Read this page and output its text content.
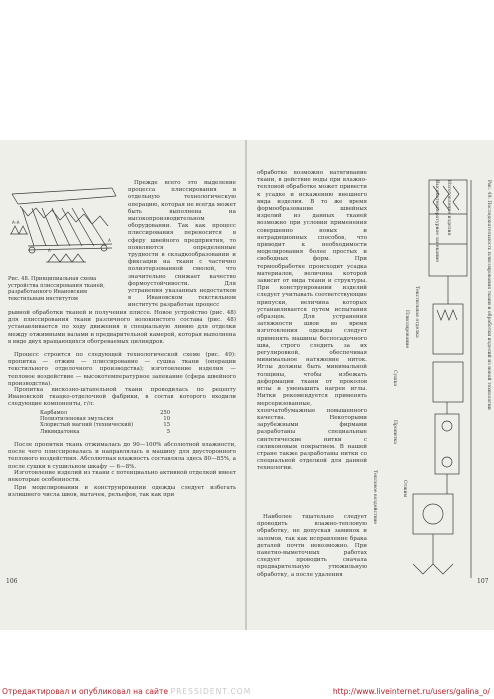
А–А
А
А
Рис. 48. Принципиальная схема устройства плиссирования тканей, разработанного Ивановским текстильным институтом
Прежде всего это выделение процесса плиссирования в отдельную технологическую операцию, которая не всегда может быть выполнена на высокопроизводительном оборудовании. Так как процесс плиссирования переносится в сферу швейного предприятия, то появляются определенные трудности в складкообразовании и фиксации на ткани с частично полиэтерзованной смолой, что значительно снижает качество формоустойчивости. Для устранения указанных недостатков в Ивановском текстильном институте разработан процесс
рывной обработки тканей и получения плиссе. Новое устройство (рис. 48) для плиссирования ткани различного волокнистого состава (рис. 48) устанавливается по ходу движения в специальную линию для отделки между отжимными валами и предварительной камерой, которая выполнена в виде двух вращающихся обогреваемых цилиндров.
Процесс строится по следующей технологической схеме (рис. 49): пропитка — отжим — плиссирование — сушка ткани (операции текстильного отделочного производства); изготовление изделия — тепловое воздействие — высокотемпературное запекание (сфера швейного производства).
Пропитка вискозно-штапельной ткани проводилась по рецепту Ивановской ткацко-отделочной фабрики, в состав которого входили следующие компоненты, г/л:
Карбамол	250
Полиэтиленовая эмульсия	10
Хлористый магний (технический)	15
Ликвидатонка	5
После пропитки ткань отжималась до 90—100% абсолютной влажности, после чего плиссировалась и направлялась в машину для двусторонного теплового воздействия. Абсолютная влажность составляла здесь 80—85%, а после сушки в сушильном шкафу — 6—8%.
Изготовление изделий из ткани с потенциально активной отделкой имеет некоторые особенности.
При моделировании и конструировании одежды следует избегать излишнего числа швов, вытачек, рельефов, так как при
106
обработке возможно натягивание ткани, в действие воды при влажно-тепловой обработке может привести к усадке и искажению внешнего вида изделия. В то же время формообразование швейных изделий из данных тканей возможно при условии применения совершенно новых и нетрадиционных способов, что приводит к необходимости моделирования более простых и свободных форм. При термообработке происходит усадка материалов, величина которой зависит от вида ткани и структуры. При конструировании изделий следует учитывать соответствующие припуски, величина которых устанавливается путем испытания образцов. Для устранения затяжности швов во время изготовления одежды следует применять машины беспосадочного шва, строго следить за их регулировкой, обеспечивая минимальное натяжение ниток. Иглы должны быть минимальной толщины, чтобы избежать деформации ткани от проколов иглы и уменьшить нагрев иглы. Нитки рекомендуется применять мерсеризованные, хлопчатобумажные повышенного качества. Некоторыми зарубежными фирмами разработаны специальные синтетические нитки с силиконовым покрытием. В нашей стране также разработаны нитки со специальной отделкой для данной технологии.
Наиболее тщательно следует проводить влажно-тепловую обработку, не допуская заминок и заломов, так как исправление брака деталей почти невозможно. При пакетно-выметочных работах следует проводить сначала предварительную утюжильную обработку, а после удаления
Текстильная отделка
Плиссирование
Сушка
Пропитка
Отжим
Высокотемпературное запекание Изготовление изделия
Тепловое воздействие
Рис. 49. Последовательность плиссирования ткани и обработки изделий из новой технологии
107
Отредактировал и опубликовал на сайте PRESSIDENT.COM	http://www.liveinternet.ru/users/galina_o/
